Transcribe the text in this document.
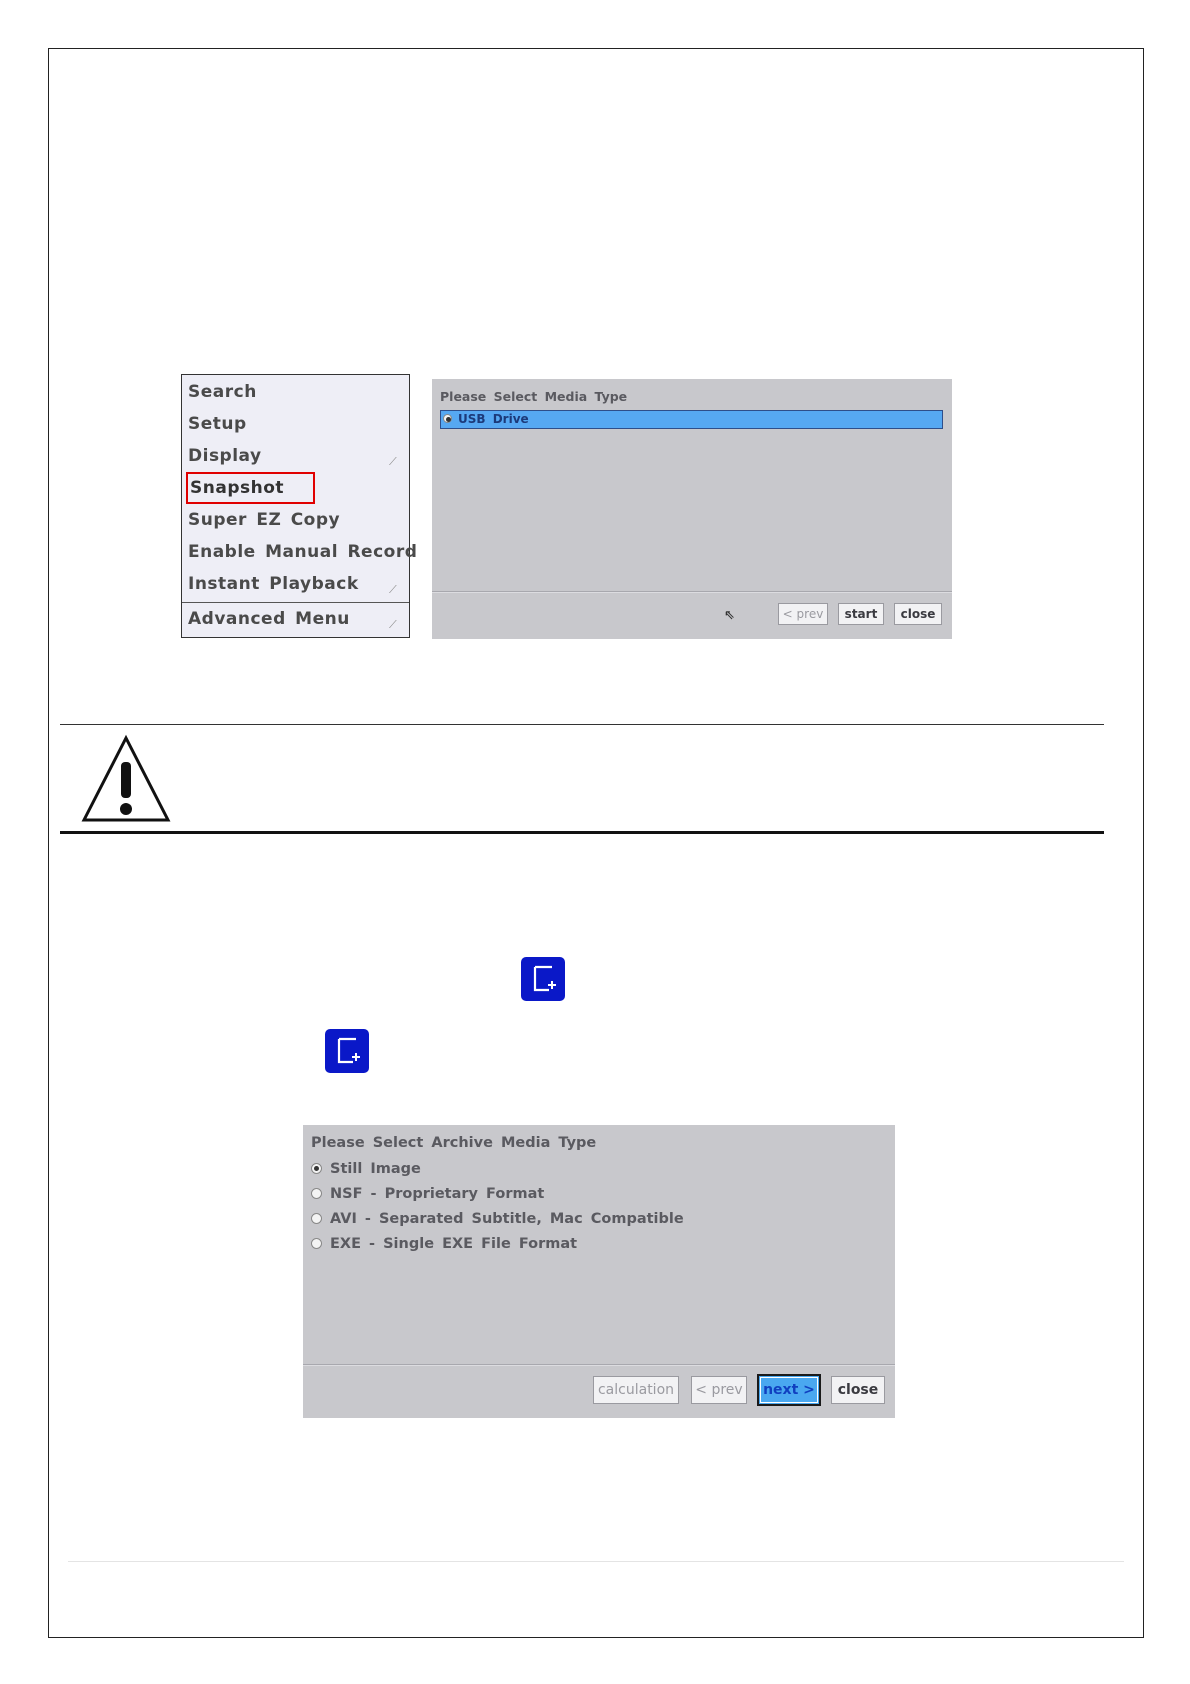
Search
Setup
Display	⟋
Snapshot
Super EZ Copy
Enable Manual Record
Instant Playback	⟋
Advanced Menu	⟋
Please Select Media Type
USB Drive
⇖	< prev	start	close
Please Select Archive Media Type
Still Image
NSF - Proprietary Format
AVI - Separated Subtitle, Mac Compatible
EXE - Single EXE File Format
calculation	< prev	next >	close
